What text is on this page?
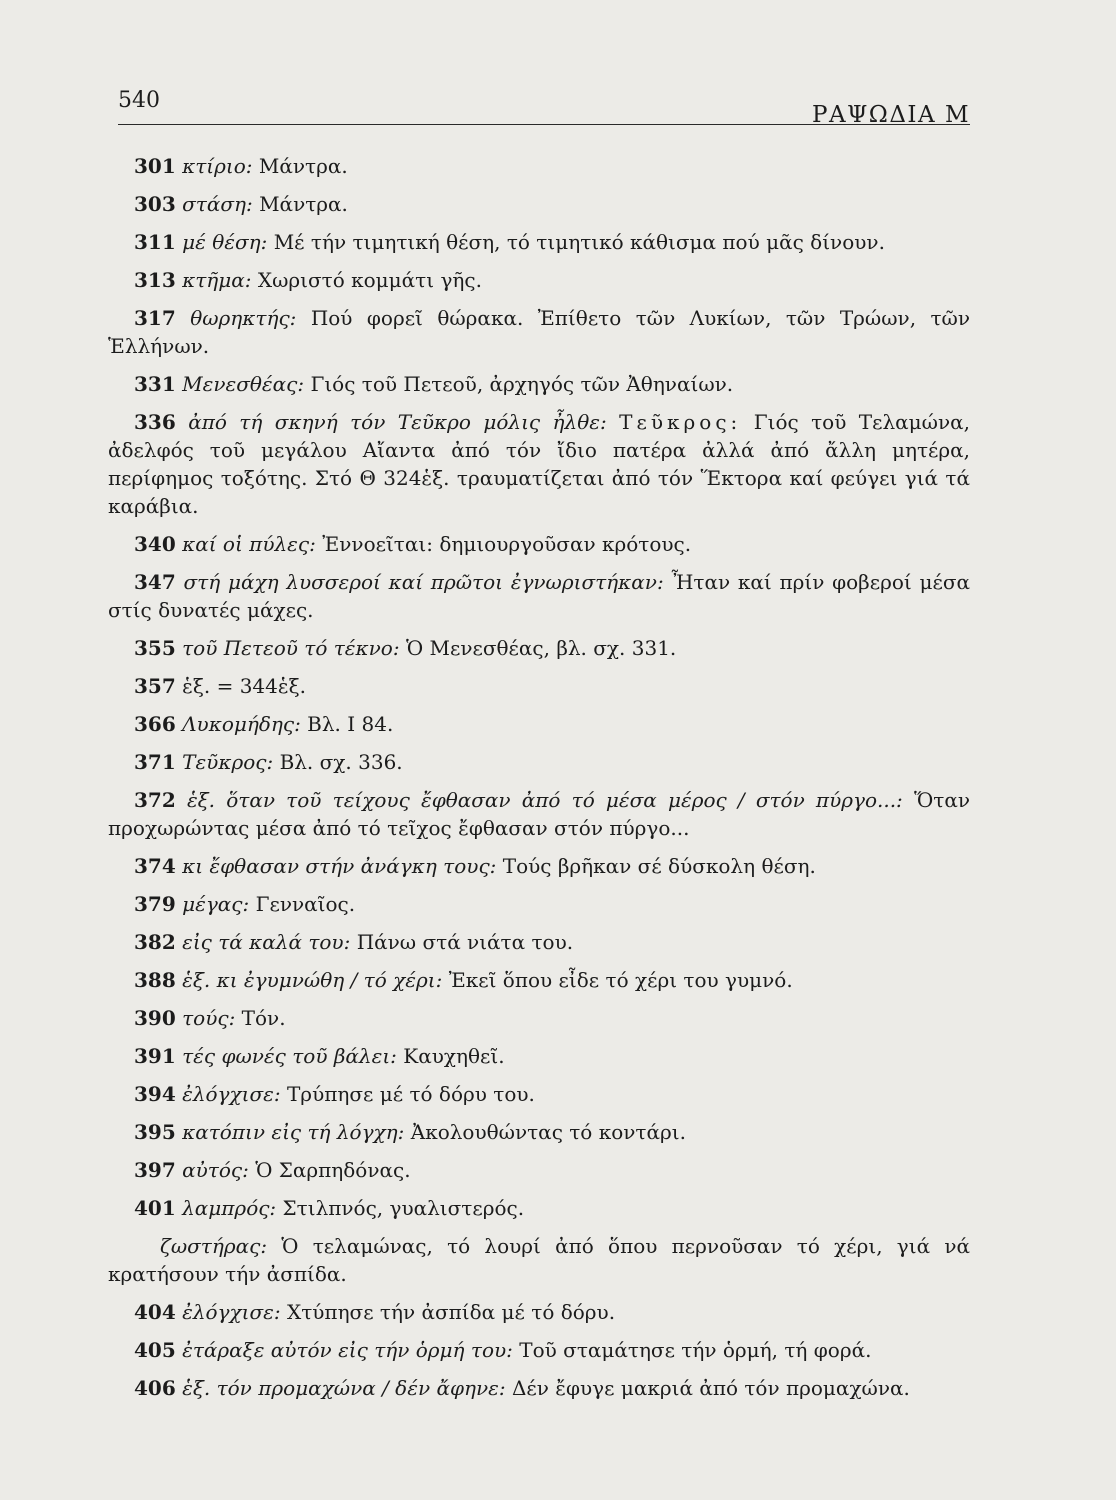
540
ΡΑΨΩΔΙΑ Μ

301 κτίριο: Μάντρα.

303 στάση: Μάντρα.

311 μέ θέση: Μέ τήν τιμητική θέση, τό τιμητικό κάθισμα πού μᾶς δίνουν.

313 κτῆμα: Χωριστό κομμάτι γῆς.

317 θωρηκτής: Πού φορεῖ θώρακα. Ἐπίθετο τῶν Λυκίων, τῶν Τρώων, τῶν Ἑλλήνων.

331 Μενεσθέας: Γιός τοῦ Πετεοῦ, ἀρχηγός τῶν Ἀθηναίων.

336 ἀπό τή σκηνή τόν Τεῦκρο μόλις ἦλθε: Τεῦκρος: Γιός τοῦ Τελαμώνα, ἀδελφός τοῦ μεγάλου Αἴαντα ἀπό τόν ἴδιο πατέρα ἀλλά ἀπό ἄλλη μητέρα, περίφημος τοξότης. Στό Θ 324ἑξ. τραυματίζεται ἀπό τόν Ἕκτορα καί φεύγει γιά τά καράβια.

340 καί οἱ πύλες: Ἐννοεῖται: δημιουργοῦσαν κρότους.

347 στή μάχη λυσσεροί καί πρῶτοι ἐγνωριστήκαν: Ἦταν καί πρίν φοβεροί μέσα στίς δυνατές μάχες.

355 τοῦ Πετεοῦ τό τέκνο: Ὁ Μενεσθέας, βλ. σχ. 331.

357 ἑξ. = 344ἑξ.

366 Λυκομήδης: Βλ. Ι 84.

371 Τεῦκρος: Βλ. σχ. 336.

372 ἑξ. ὅταν τοῦ τείχους ἔφθασαν ἀπό τό μέσα μέρος / στόν πύργο...: Ὅταν προχωρώντας μέσα ἀπό τό τεῖχος ἔφθασαν στόν πύργο...

374 κι ἔφθασαν στήν ἀνάγκη τους: Τούς βρῆκαν σέ δύσκολη θέση.

379 μέγας: Γενναῖος.

382 εἰς τά καλά του: Πάνω στά νιάτα του.

388 ἑξ. κι ἐγυμνώθη / τό χέρι: Ἐκεῖ ὅπου εἶδε τό χέρι του γυμνό.

390 τούς: Τόν.

391 τές φωνές τοῦ βάλει: Καυχηθεῖ.

394 ἐλόγχισε: Τρύπησε μέ τό δόρυ του.

395 κατόπιν εἰς τή λόγχη: Ἀκολουθώντας τό κοντάρι.

397 αὐτός: Ὁ Σαρπηδόνας.

401 λαμπρός: Στιλπνός, γυαλιστερός.

ζωστήρας: Ὁ τελαμώνας, τό λουρί ἀπό ὅπου περνοῦσαν τό χέρι, γιά νά κρατήσουν τήν ἀσπίδα.

404 ἐλόγχισε: Χτύπησε τήν ἀσπίδα μέ τό δόρυ.

405 ἐτάραξε αὐτόν εἰς τήν ὁρμή του: Τοῦ σταμάτησε τήν ὁρμή, τή φορά.

406 ἑξ. τόν προμαχώνα / δέν ἄφηνε: Δέν ἔφυγε μακριά ἀπό τόν προμαχώνα.
